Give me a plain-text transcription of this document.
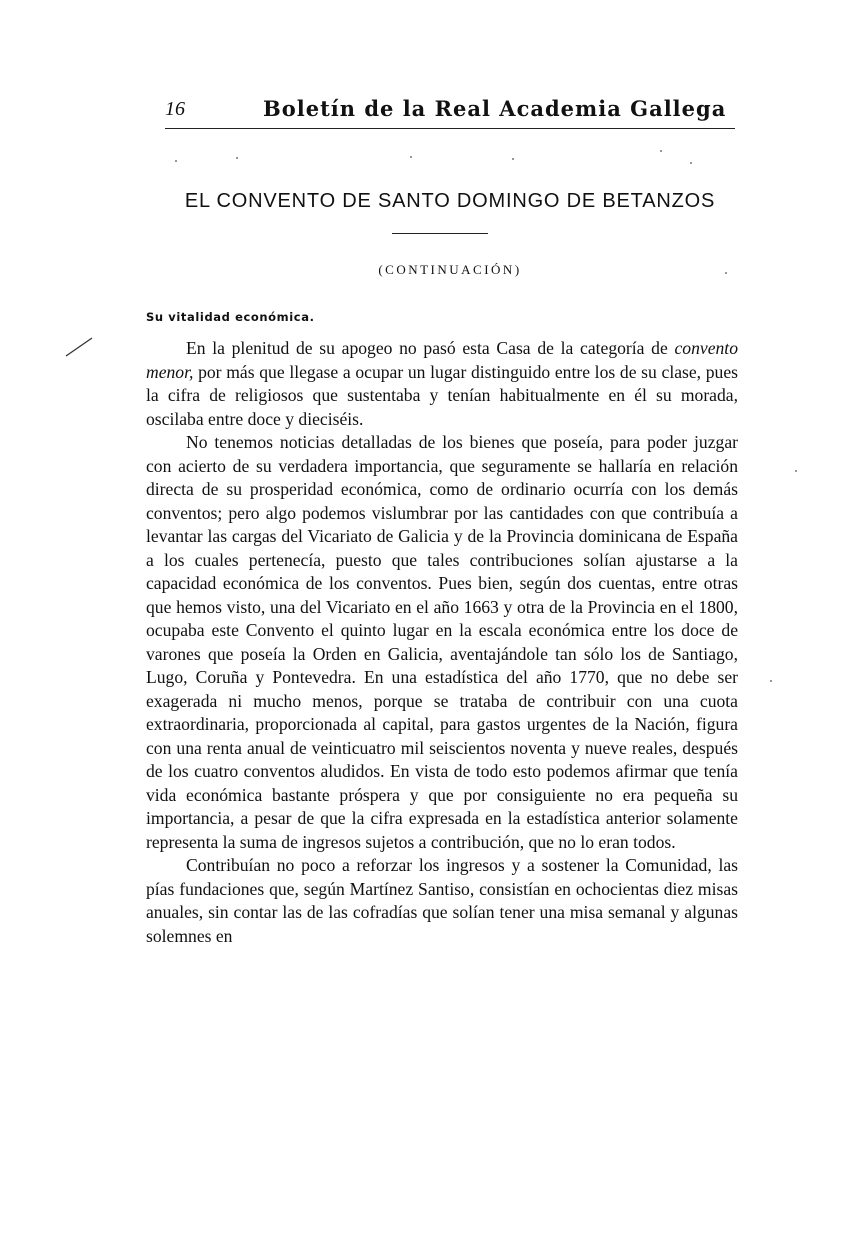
16	Boletín de la Real Academia Gallega
EL CONVENTO DE SANTO DOMINGO DE BETANZOS
(CONTINUACIÓN)
Su vitalidad económica.

En la plenitud de su apogeo no pasó esta Casa de la categoría de convento menor, por más que llegase a ocupar un lugar distinguido entre los de su clase, pues la cifra de religiosos que sustentaba y tenían habitualmente en él su morada, oscilaba entre doce y dieciséis.

No tenemos noticias detalladas de los bienes que poseía, para poder juzgar con acierto de su verdadera importancia, que seguramente se hallaría en relación directa de su prosperidad económica, como de ordinario ocurría con los demás conventos; pero algo podemos vislumbrar por las cantidades con que contribuía a levantar las cargas del Vicariato de Galicia y de la Provincia dominicana de España a los cuales pertenecía, puesto que tales contribuciones solían ajustarse a la capacidad económica de los conventos. Pues bien, según dos cuentas, entre otras que hemos visto, una del Vicariato en el año 1663 y otra de la Provincia en el 1800, ocupaba este Convento el quinto lugar en la escala económica entre los doce de varones que poseía la Orden en Galicia, aventajándole tan sólo los de Santiago, Lugo, Coruña y Pontevedra. En una estadística del año 1770, que no debe ser exagerada ni mucho menos, porque se trataba de contribuir con una cuota extraordinaria, proporcionada al capital, para gastos urgentes de la Nación, figura con una renta anual de veinticuatro mil seiscientos noventa y nueve reales, después de los cuatro conventos aludidos. En vista de todo esto podemos afirmar que tenía vida económica bastante próspera y que por consiguiente no era pequeña su importancia, a pesar de que la cifra expresada en la estadística anterior solamente representa la suma de ingresos sujetos a contribución, que no lo eran todos.

Contribuían no poco a reforzar los ingresos y a sostener la Comunidad, las pías fundaciones que, según Martínez Santiso, consistían en ochocientas diez misas anuales, sin contar las de las cofradías que solían tener una misa semanal y algunas solemnes en
